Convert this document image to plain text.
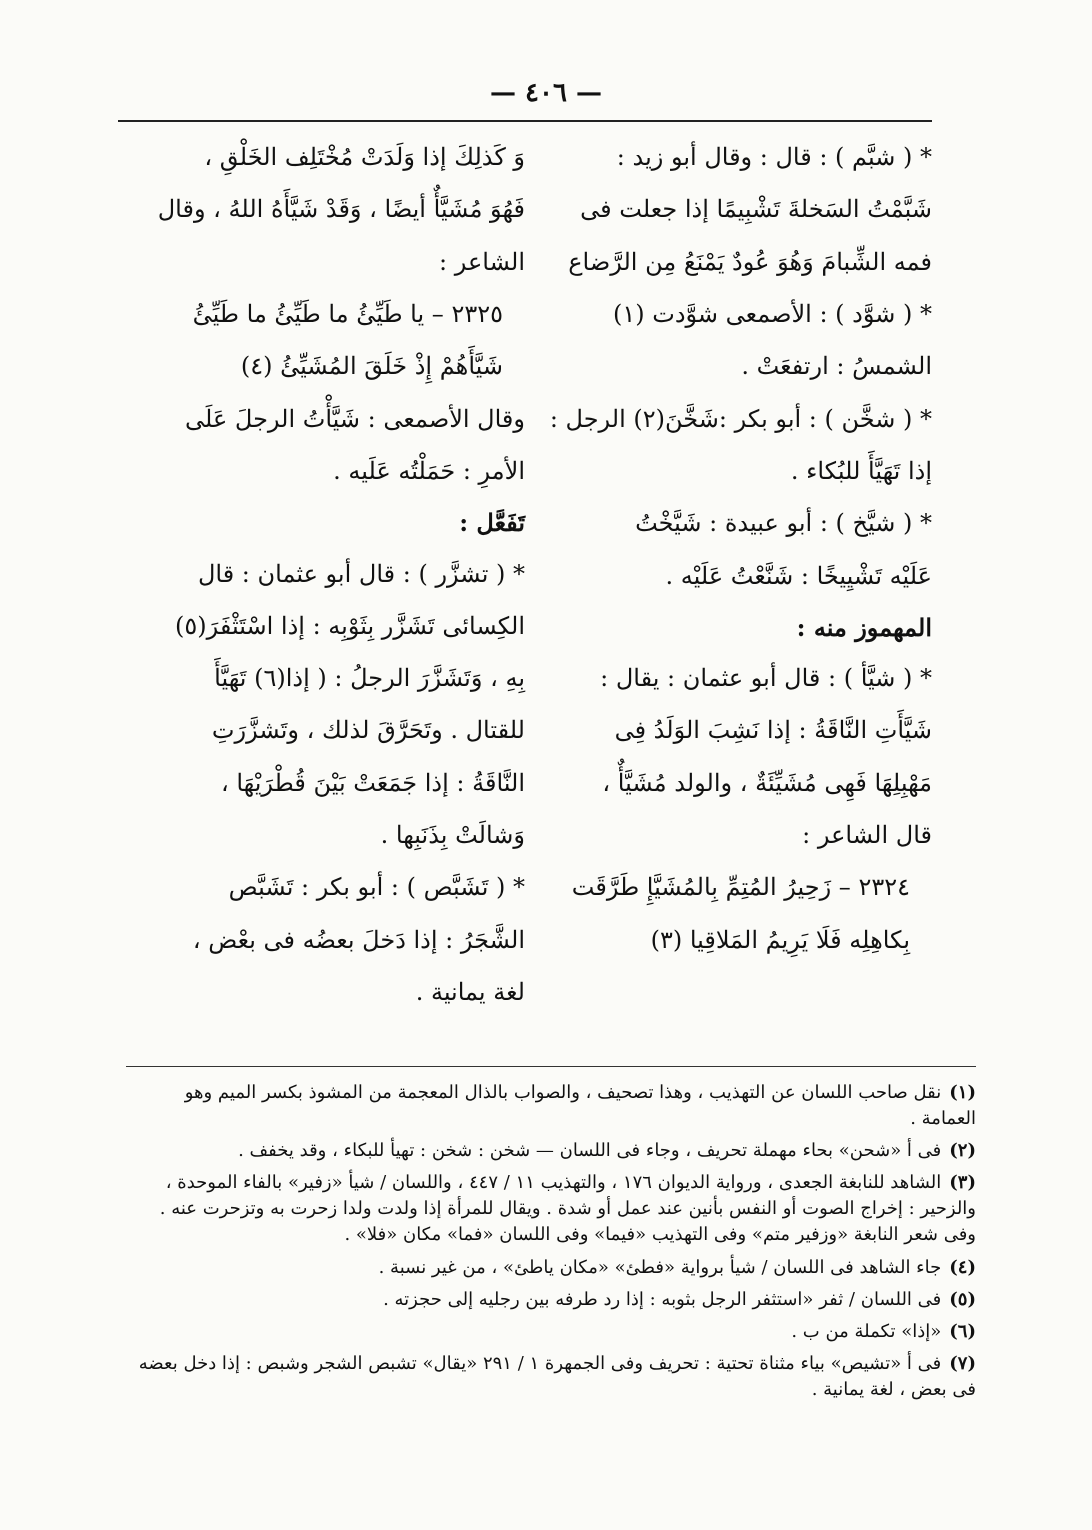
— ٤٠٦ —
* ( شبَّم ) : قال : وقال أبو زيد :
شَبَّمْتُ السَخلةَ تَشْبِيمًا إذا جعلت فى
فمه الشِّبامَ وَهُوَ عُودٌ يَمْنَعُ مِن الرَّضاع
* ( شوَّد ) : الأصمعى شوَّدت (١)
الشمسُ : ارتفعَتْ .
* ( شخَّن ) : أبو بكر :شَخَّنَ(٢) الرجل :
إذا تَهَيَّأَ للبُكاء .
* ( شيَّخ ) : أبو عبيدة : شَيَّخْتُ
عَلَيْه تَشْيِيخًا : شَنَّعْتُ عَلَيْه .
المهموز منه :
* ( شيَّأ ) : قال أبو عثمان : يقال :
شَيَّأَتِ النَّاقَةُ : إذا نَشِبَ الوَلَدُ فِى
مَهْبِلِهَا فَهِى مُشَيِّئَةٌ ، والولد مُشَيَّأٌ ،
قال الشاعر :
٢٣٢٤ – زَحِيرُ المُتِمِّ بِالمُشَيَّإِ طَرَّقَت
بِكاهِلِه فَلَا يَرِيمُ المَلاقِيا (٣)
وَ كَذلِكَ إذا وَلَدَتْ مُخْتَلِف الخَلْقِ ،
فَهُوَ مُشَيَّأٌ أيضًا ، وَقَدْ شَيَّأَهُ اللهُ ، وقال
الشاعر :
٢٣٢٥ – يا طَيِّئُ ما طَيِّئُ ما طَيِّئُ
شَيَّأَهُمْ إِذْ خَلَقَ المُشَيِّئُ (٤)
وقال الأصمعى : شَيَّأْتُ الرجلَ عَلَى
الأمرِ : حَمَلْتُه عَلَيه .
تَفَعَّل :
* ( تشزَّر ) : قال أبو عثمان : قال
الكِسائى تَشَزَّر بِثَوْبِه : إذا اسْتَثْفَرَ(٥)
بِهِ ، وَتَشَزَّرَ الرجلُ : ( إذا(٦) تَهَيَّأَ
للقتال . وتَحَرَّقَ لذلك ، وتَشزَّرَتِ
النَّاقَةُ : إذا جَمَعَتْ بَيْنَ قُطْرَيْهَا ،
وَشالَتْ بِذَنَبِها .
* ( تَشَبَّص ) : أبو بكر : تَشَبَّص
الشَّجَرُ : إذا دَخلَ بعضُه فى بعْض ،
لغة يمانية .
(١)نقل صاحب اللسان عن التهذيب ، وهذا تصحيف ، والصواب بالذال المعجمة من المشوذ بكسر الميم وهو العمامة .
(٢)فى أ «شحن» بحاء مهملة تحريف ، وجاء فى اللسان — شخن : شخن : تهيأ للبكاء ، وقد يخفف .
(٣)الشاهد للنابغة الجعدى ، ورواية الديوان ١٧٦ ، والتهذيب ١١ / ٤٤٧ ، واللسان / شيأ «زفير» بالفاء الموحدة ، والزحير : إخراج الصوت أو النفس بأنين عند عمل أو شدة . ويقال للمرأة إذا ولدت ولدا زحرت به وتزحرت عنه . وفى شعر النابغة «وزفير متم» وفى التهذيب «فيما» وفى اللسان «فما» مكان «فلا» .
(٤)جاء الشاهد فى اللسان / شيأ برواية «فطئ» «مكان ياطئ» ، من غير نسبة .
(٥)فى اللسان / ثفر «استثفر الرجل بثوبه : إذا رد طرفه بين رجليه إلى حجزته .
(٦)«إذا» تكملة من ب .
(٧)فى أ «تشيص» بياء مثناة تحتية : تحريف وفى الجمهرة ١ / ٢٩١ «يقال» تشبص الشجر وشبص : إذا دخل بعضه فى بعض ، لغة يمانية .
